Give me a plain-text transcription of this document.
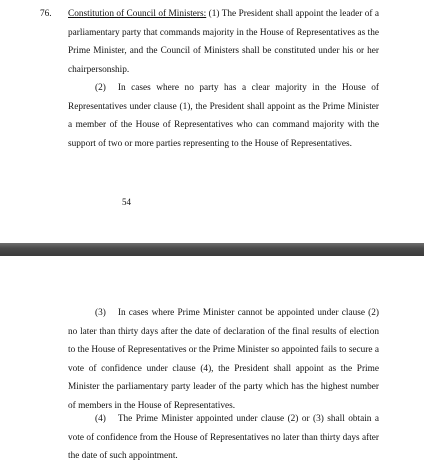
76. Constitution of Council of Ministers: (1) The President shall appoint the leader of a parliamentary party that commands majority in the House of Representatives as the Prime Minister, and the Council of Ministers shall be constituted under his or her chairpersonship.

(2) In cases where no party has a clear majority in the House of Representatives under clause (1), the President shall appoint as the Prime Minister a member of the House of Representatives who can command majority with the support of two or more parties representing to the House of Representatives.

54

(3) In cases where Prime Minister cannot be appointed under clause (2) no later than thirty days after the date of declaration of the final results of election to the House of Representatives or the Prime Minister so appointed fails to secure a vote of confidence under clause (4), the President shall appoint as the Prime Minister the parliamentary party leader of the party which has the highest number of members in the House of Representatives.

(4) The Prime Minister appointed under clause (2) or (3) shall obtain a vote of confidence from the House of Representatives no later than thirty days after the date of such appointment.
